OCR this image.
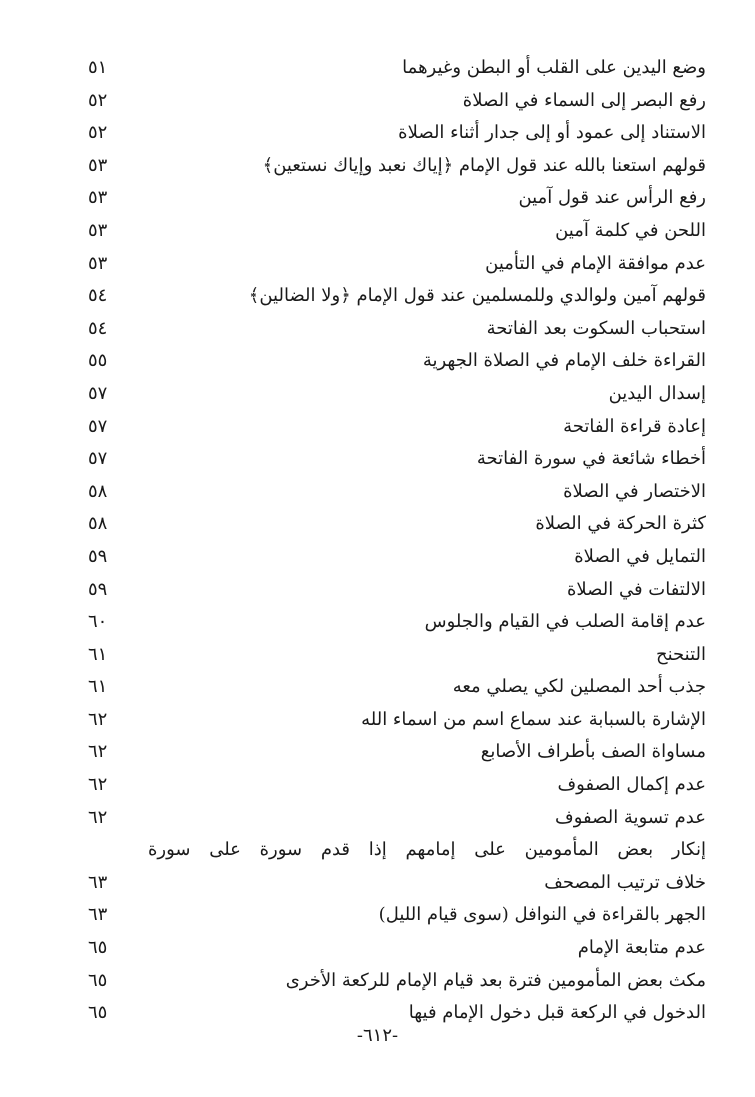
وضع اليدين على القلب أو البطن وغيرهما
٥١
رفع البصر إلى السماء في الصلاة
٥٢
الاستناد إلى عمود أو إلى جدار أثناء الصلاة
٥٢
قولهم استعنا بالله عند قول الإمام ﴿إياك نعبد وإياك نستعين﴾
٥٣
رفع الرأس عند قول آمين
٥٣
اللحن في كلمة آمين
٥٣
عدم موافقة الإمام في التأمين
٥٣
قولهم آمين ولوالدي وللمسلمين عند قول الإمام ﴿ولا الضالين﴾
٥٤
استحباب السكوت بعد الفاتحة
٥٤
القراءة خلف الإمام في الصلاة الجهرية
٥٥
إسدال اليدين
٥٧
إعادة قراءة الفاتحة
٥٧
أخطاء شائعة في سورة الفاتحة
٥٧
الاختصار في الصلاة
٥٨
كثرة الحركة في الصلاة
٥٨
التمايل في الصلاة
٥٩
الالتفات في الصلاة
٥٩
عدم إقامة الصلب في القيام والجلوس
٦٠
التنحنح
٦١
جذب أحد المصلين لكي يصلي معه
٦١
الإشارة بالسبابة عند سماع اسم من اسماء الله
٦٢
مساواة الصف بأطراف الأصابع
٦٢
عدم إكمال الصفوف
٦٢
عدم تسوية الصفوف
٦٢
إنكار بعض المأمومين على إمامهم إذا قدم سورة على سورة
خلاف ترتيب المصحف
٦٣
الجهر بالقراءة في النوافل (سوى قيام الليل)
٦٣
عدم متابعة الإمام
٦٥
مكث بعض المأمومين فترة بعد قيام الإمام للركعة الأخرى
٦٥
الدخول في الركعة قبل دخول الإمام فيها
٦٥
-٦١٢-
